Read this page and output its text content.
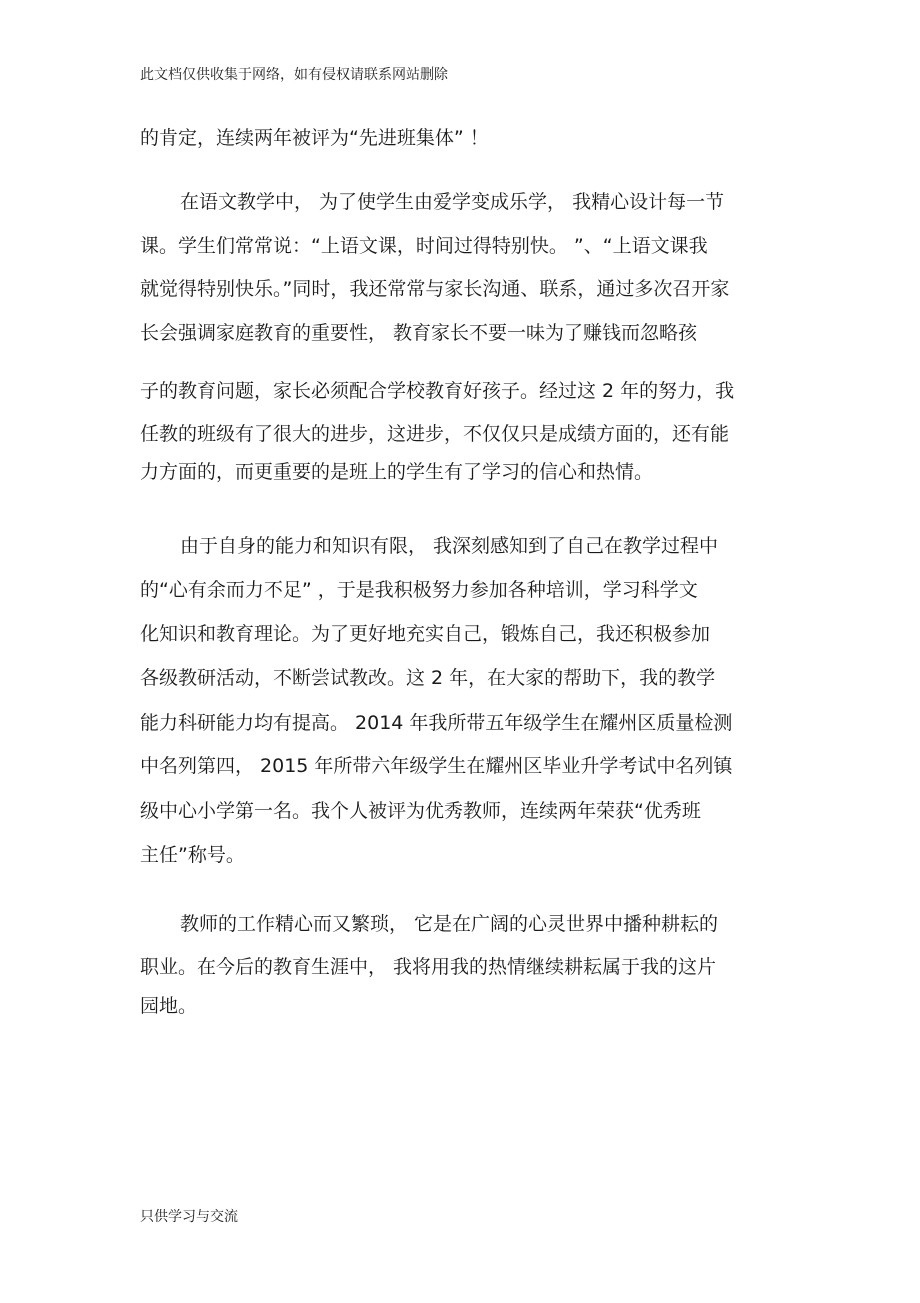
此文档仅供收集于网络，如有侵权请联系网站删除
的肯定，连续两年被评为“先进班集体” ！
在语文教学中， 为了使学生由爱学变成乐学， 我精心设计每一节
课。学生们常常说：“上语文课，时间过得特别快。 ”、“上语文课我
就觉得特别快乐。”同时，我还常常与家长沟通、联系，通过多次召开家
长会强调家庭教育的重要性， 教育家长不要一味为了赚钱而忽略孩
子的教育问题，家长必须配合学校教育好孩子。经过这 2 年的努力，我
任教的班级有了很大的进步，这进步，不仅仅只是成绩方面的，还有能
力方面的，而更重要的是班上的学生有了学习的信心和热情。
由于自身的能力和知识有限， 我深刻感知到了自己在教学过程中
的“心有余而力不足” ，于是我积极努力参加各种培训，学习科学文
化知识和教育理论。为了更好地充实自己，锻炼自己，我还积极参加
各级教研活动，不断尝试教改。这 2 年，在大家的帮助下，我的教学
能力科研能力均有提高。 2014 年我所带五年级学生在耀州区质量检测
中名列第四， 2015 年所带六年级学生在耀州区毕业升学考试中名列镇
级中心小学第一名。我个人被评为优秀教师，连续两年荣获“优秀班
主任”称号。
教师的工作精心而又繁琐， 它是在广阔的心灵世界中播种耕耘的
职业。在今后的教育生涯中， 我将用我的热情继续耕耘属于我的这片
园地。
只供学习与交流
